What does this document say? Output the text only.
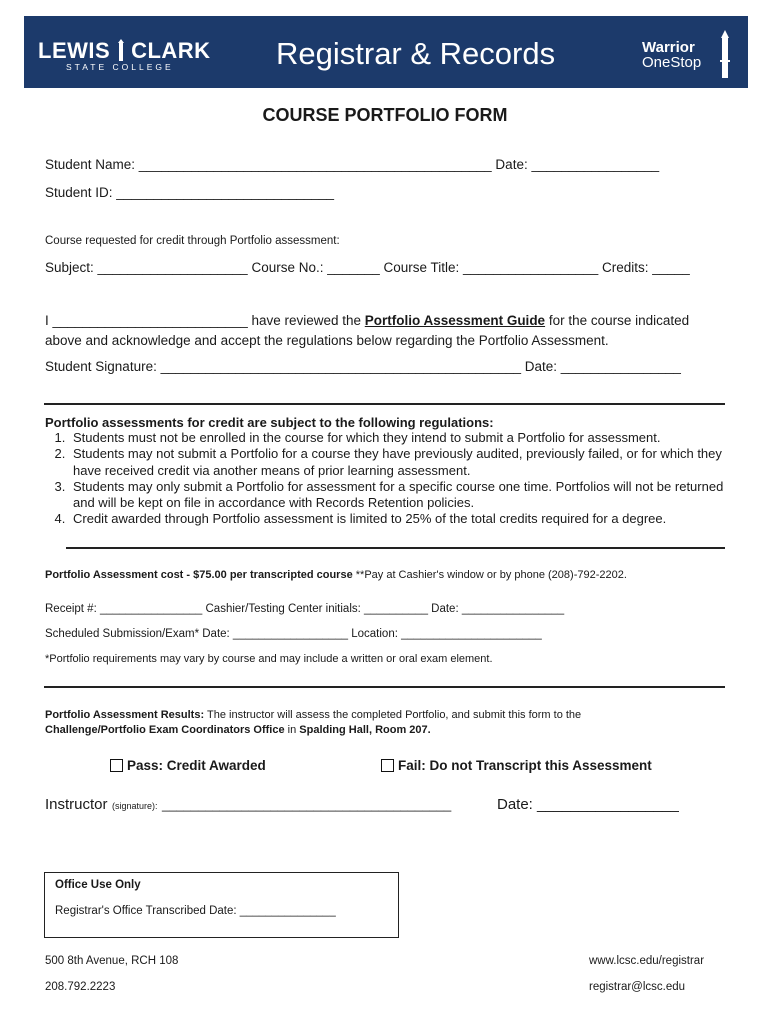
LEWIS CLARK
STATE COLLEGE	Registrar & Records	Warrior
OneStop
COURSE PORTFOLIO FORM
Student Name: _______________________________________________ Date: _________________
Student ID: _____________________________
Course requested for credit through Portfolio assessment:
Subject: ____________________ Course No.: _______ Course Title: __________________ Credits: _____
I __________________________ have reviewed the Portfolio Assessment Guide for the course indicated
above and acknowledge and accept the regulations below regarding the Portfolio Assessment.
Student Signature: ________________________________________________ Date: ________________
Portfolio assessments for credit are subject to the following regulations:
1. Students must not be enrolled in the course for which they intend to submit a Portfolio for assessment.
2. Students may not submit a Portfolio for a course they have previously audited, previously failed, or for which they have received credit via another means of prior learning assessment.
3. Students may only submit a Portfolio for assessment for a specific course one time. Portfolios will not be returned and will be kept on file in accordance with Records Retention policies.
4. Credit awarded through Portfolio assessment is limited to 25% of the total credits required for a degree.
Portfolio Assessment cost - $75.00 per transcripted course **Pay at Cashier's window or by phone (208)-792-2202.
Receipt #: ________________ Cashier/Testing Center initials: __________ Date: ________________
Scheduled Submission/Exam* Date: __________________ Location: ______________________
*Portfolio requirements may vary by course and may include a written or oral exam element.
Portfolio Assessment Results: The instructor will assess the completed Portfolio, and submit this form to the
Challenge/Portfolio Exam Coordinators Office in Spalding Hall, Room 207.
Pass: Credit Awarded	Fail: Do not Transcript this Assessment
Instructor (signature): ________________________________________	Date: _________________
Office Use Only
Registrar's Office Transcribed Date: _______________
500 8th Avenue, RCH 108
208.792.2223
www.lcsc.edu/registrar
registrar@lcsc.edu
